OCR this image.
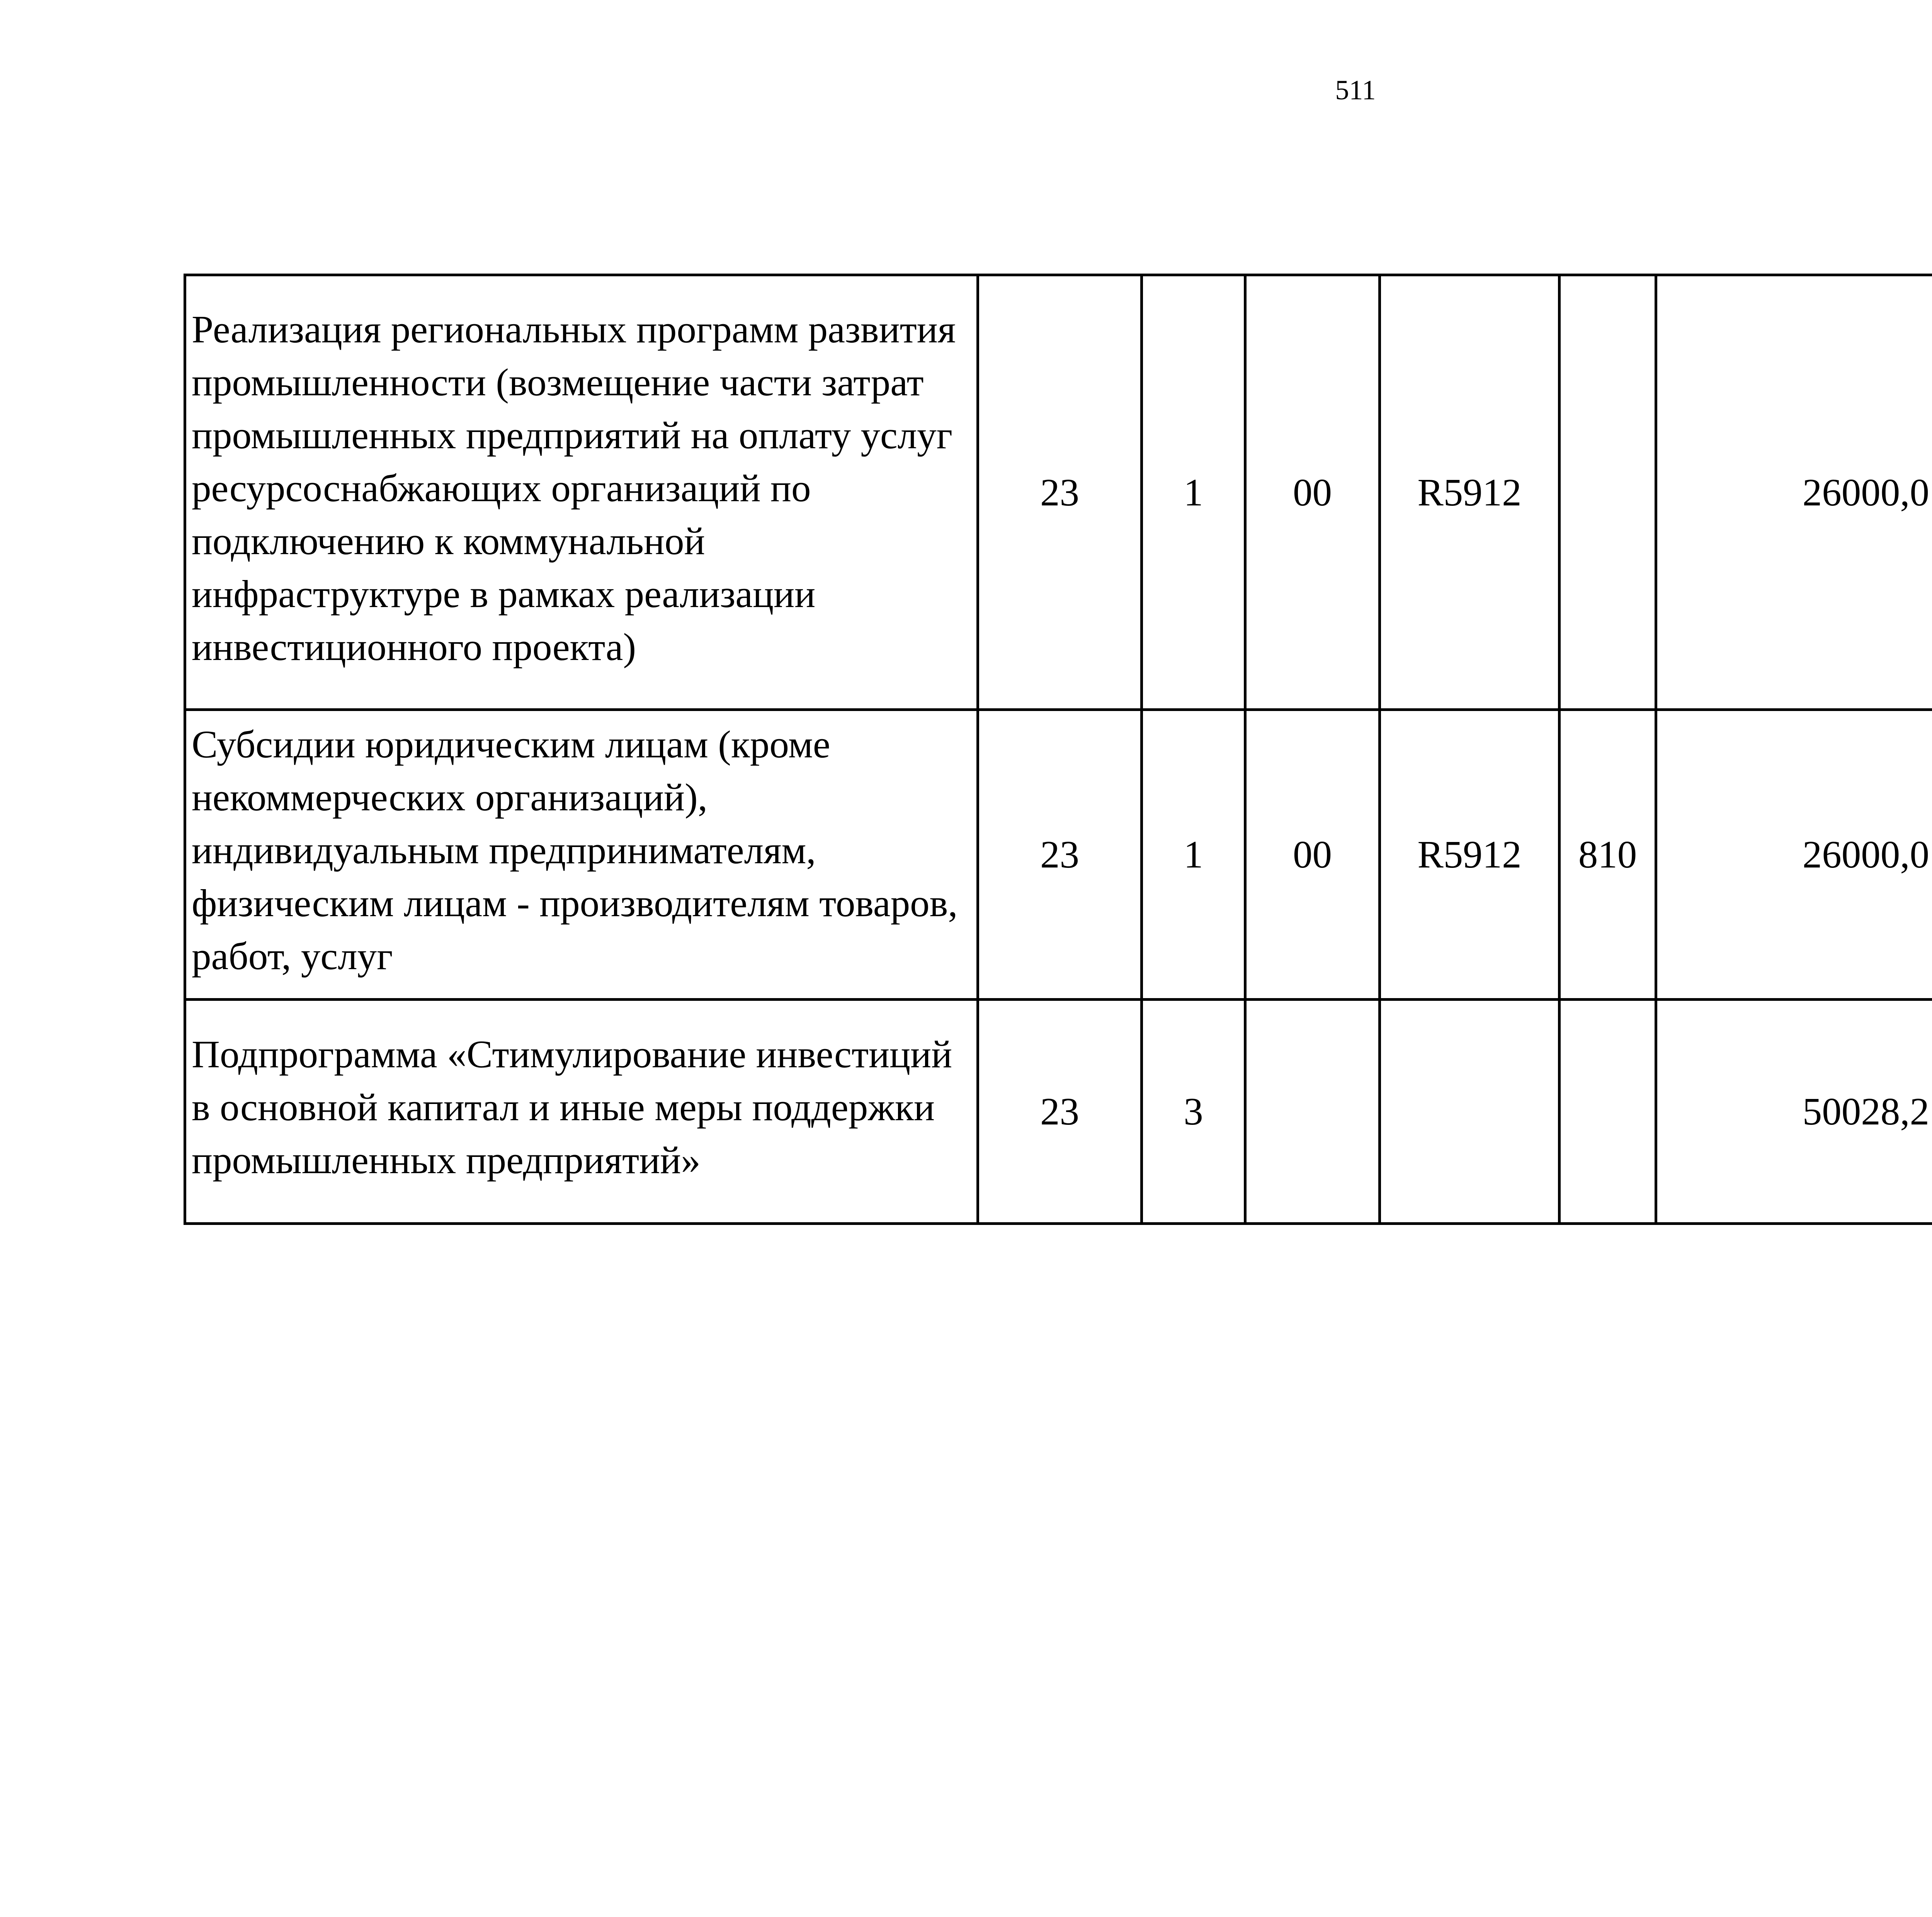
511
Реализация региональных программ развития промышленности (возмещение части затрат промышленных предприятий на оплату услуг ресурсоснабжающих организаций по подключению к коммунальной инфраструктуре в рамках реализации инвестиционного проекта)	23	1	00	R5912		26000,0		
Субсидии юридическим лицам (кроме некоммерческих организаций), индивидуальным предпринимателям, физическим лицам - производителям товаров, работ, услуг	23	1	00	R5912	810	26000,0		
Подпрограмма «Стимулирование инвестиций в основной капитал и иные меры поддержки промышленных предприятий»	23	3				50028,2		
